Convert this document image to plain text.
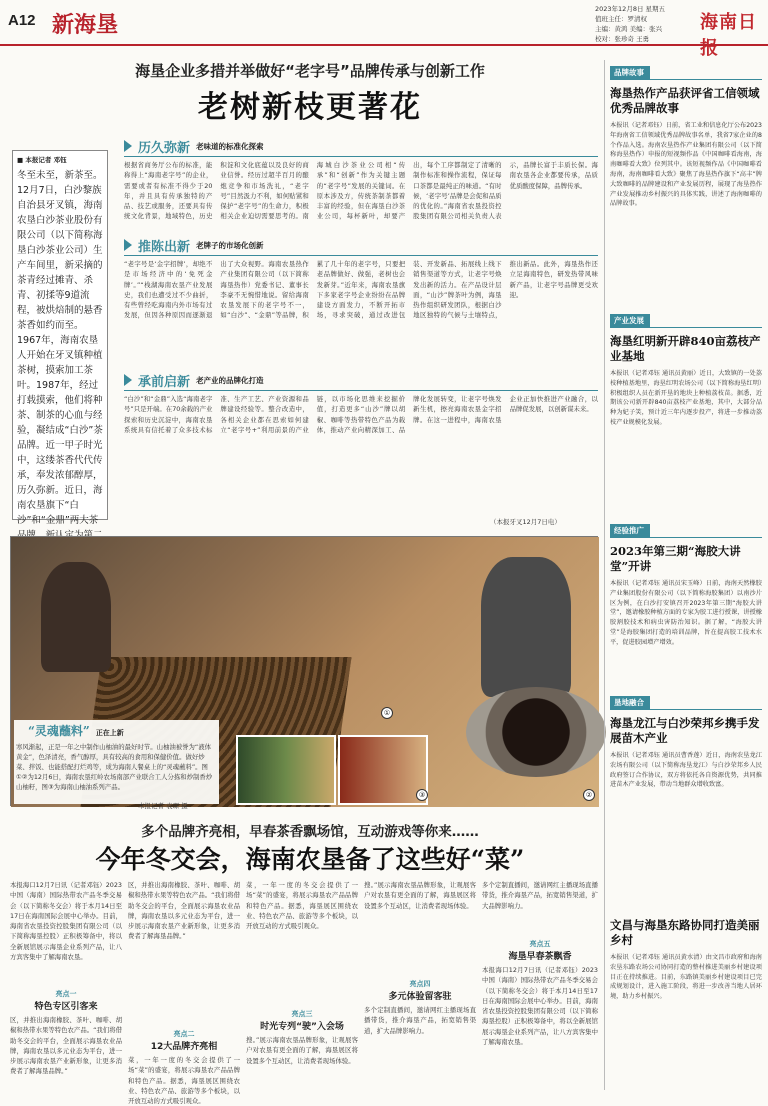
A12 新海垦
2023年12月8日 星期五
值班主任：罗清权
主编：黄鸿 美编：张兴
校对：张珍奇 王勇
海南日报
海垦企业多措并举做好“老字号”品牌传承与创新工作
老树新枝更著花
■ 本报记者 邓钰
冬至未至，新茶至。12月7日，白沙黎族自治县牙叉镇，海南农垦白沙茶业股份有限公司（以下简称海垦白沙茶业公司）生产车间里，新采摘的茶青经过摊青、杀青、初揉等9道流程，被烘焙制的悬香茶香如约而至。1967年，海南农垦人开始在牙叉镇种植茶树，摸索加工茶叶。1987年，经过打载摸索，他们将种茶、制茶的心血与经验，凝结成“白沙”茶品牌。近一甲子时光中，这缕茶香代代传承，奉发浓郁醇厚，历久弥新。近日，海南农垦旗下“白沙”和“金鼎”两大茶
历久弥新 老味道的标准化探索
根据省商务厅公布的标准，能称得上“海南老字号”的企业，需要或者有标准不得少于20年，并且具有传承独特的产品、技艺或服务，还要具有传统文化背景，地域特色，历史积淀和文化底蕴以及良好的商业信誉。经历过超半百月的酿炮竞争和市场洗礼，“老字号”目然汲力不利，如何贴紧和保护“老字号”的生命力，积极相关企业迫切需要思考的。南海城白沙茶业公司相“传承”和“创新”作为关键主题的“老字号”发展的关键词。在原本涉及方，传统茶制茶都着丰富的经验，但在海垦白沙茶业公司，每杯新叶，却要产出，每个工序都制定了清晰的制作标准和操作流程，保证每口茶都是最纯正的味道。“有时候，‘老字号’品牌是会促和品质的优化的。”海南省农垦投资控股集团有限公司相关负责人表示，品牌长富于丰质长保。海南农垦各企业都要传承，品质优质酸度保障，品牌传承。
推陈出新 老牌子的市场化创新
“老字号是‘金字招牌’，却绝不是市场经济中的‘免死金牌’。”“栈湖海南农垦产业发展史，我们也遭受过不少曲折，有些曾经吃海南内外市场有过发展，但因各种原因而逐渐退出了大众视野。海南农垦热作产业集团有限公司（以下简称海垦热作）党委书记、董事长李豪不无惋惜地说。留给海南农垦发展下的老字号不一，如“白沙”、“金鼎”等品牌，积累了几十年的老字号，只要把老品牌做好、做强，老树也会发新芽。”近年来，海南农垦旗下多家老字号企业纷纷在品牌建设方面发力，不断开拓市场，寻求突破，通过改进包装、开发新品、拓展线上线下销售渠道等方式，让老字号焕发出新的活力。在产品设计层面，“山沙”牌茶叶为例，海垦热作组织研发团队，根据白沙地区独特的气候与土壤特点，推出新品。此外，海垦热作还立足海南特色，研发热带风味新产品，让老字号品牌更受欢迎。
承前启新 老产业的品牌化打造
“白沙”和“金鼎”入选“海南老字号”只是开端。在70余载的产业探索和历史沉淀中，海南农垦系统具有信托着了众多技术标准、生产工艺、产业资源和品牌建设经验等。整合改造中，各相关企业都在思索如何建立“老字号+”利用前景的产业链，以市场化思维来挖掘价值，打造更多“山沙”牌以胡椒、咖啡等热带特色产品为载体，推动产业向精深加工、品牌化发展转变，让老字号焕发新生机，擦亮海南农垦金字招牌。在这一进程中，海南农垦企业正加快推进产业融合，以品牌促发展，以创新谋未来。
（本报牙叉12月7日电）
①
②
③
“灵魂蘸料” 正在上新
寒风渐起，正是一年之中制作山柚油的最好时节。山柚油被誉为“液体黄金”，色泽清亮，香气醇厚，具有较高的食用和保健价值。做好炒菜、拌饭、也能搭配打烂鸡等，成为海南人餐桌上的“灵魂蘸料”。图①②为12月6日，海南农垦红岭农场南部产业联合工人分拣和炒制香炒山柚籽，图③为海南山柚油系列产品。
本报记者 袁琛 摄
多个品牌齐亮相，早春茶香飘场馆，互动游戏等你来……
今年冬交会，海南农垦备了这些好“菜”
本报海口12月7日讯（记者邓钰）2023中国（海南）国际热带农产品冬季交易会（以下简称冬交会）将于本月14日至17日在海南国际会展中心举办。目前，海南省农垦投资控股集团有限公司（以下简称海垦控股）正积极筹备中，将以全新展馆展示海垦企业系列产品，让八方宾客集中了解海南农垦。
亮点一
特色专区引客来
区，并推出海南橡胶、茶叶、咖啡、胡椒和热带水果等特色农产品。“我们将借助冬交会的平台，全面展示海垦农业品牌，海南农垦以多元业态为平台，进一步展示海南农垦产业新形象，让更多消费者了解海垦品牌。”
区，并推出海南橡胶、茶叶、咖啡、胡椒和热带水果等特色农产品。“我们将借助冬交会的平台，全面展示海垦农业品牌，海南农垦以多元业态为平台，进一步展示海南农垦产业新形象，让更多消费者了解海垦品牌。”
亮点二
12大品牌齐亮相
菜，一年一度的冬交会提供了一场“菜”的盛宴，将展示海垦农产品品牌和特色产品。据悉，海垦展区围绕农业、特色农产品、旅游等多个板块，以开放互动的方式吸引观众。
菜，一年一度的冬交会提供了一场“菜”的盛宴，将展示海垦农产品品牌和特色产品。据悉，海垦展区围绕农业、特色农产品、旅游等多个板块，以开放互动的方式吸引观众。
亮点三
时光专列“驶”入会场
搜。”展示海南农垦品牌形象，让观展客户对农垦有更全面的了解，海垦展区将设置多个互动区，让消费者现场体验。
搜。”展示海南农垦品牌形象，让观展客户对农垦有更全面的了解，海垦展区将设置多个互动区，让消费者现场体验。
亮点四
多元体验留客驻
多个定制直播间，邀请网红主播现场直播带货，推介海垦产品，拓宽销售渠道，扩大品牌影响力。
多个定制直播间，邀请网红主播现场直播带货，推介海垦产品，拓宽销售渠道，扩大品牌影响力。
亮点五
海垦早春茶飘香
本报海口12月7日讯（记者邓钰）2023中国（海南）国际热带农产品冬季交易会（以下简称冬交会）将于本月14日至17日在海南国际会展中心举办。目前，海南省农垦投资控股集团有限公司（以下简称海垦控股）正积极筹备中，将以全新展馆展示海垦企业系列产品，让八方宾客集中了解海南农垦。
品牌故事
海垦热作产品获评省工信领域优秀品牌故事
本报讯（记者邓钰）日前，省工业和信息化厅公布2023年海南省工信领域优秀品牌故事名单，我省7家企业的8个作品入选。海南农垦热作产业集团有限公司（以下简称海垦热作）申报的短视频作品《中国咖啡看海南，海南咖啡看大致》位列其中。该短视频作品《中国咖啡看海南，海南咖啡看大致》聚焦了海垦热作旗下“高丰”牌大致咖啡的品牌建设和产业发展历程，展现了海垦热作产业发展推动乡村振兴的具体实践，讲述了海南咖啡的品牌故事。
产业发展
海垦红明新开辟840亩荔枝产业基地
本报讯（记者邓钰 通讯员黄丽）近日，大致镇的一处荔枝种植基地里，海垦红明农场公司（以下简称海垦红明）积极组织人员在新开垦的地块上种植荔枝苗。据悉，近期该公司新开辟840亩荔枝产业基地，其中，大部分品种为妃子笑，预计近三年内逐步投产，将进一步推动荔枝产业规模化发展。
经验推广
2023年第三期“海胶大讲堂”开讲
本报讯（记者邓钰 通讯员宋玉峰）日前，海南天然橡胶产业集团股份有限公司（以下简称海胶集团）以南沙片区为例，在白沙打安镇召开2023年第三期“海胶大讲堂”，邀请橡胶种植方面的专家为胶工进行授课，讲授橡胶割胶技术和病虫害防治知识。据了解，“海胶大讲堂”是海胶集团打造的培训品牌，旨在提高胶工技术水平，促进胶园增产增效。
垦地融合
海垦龙江与白沙荣邦乡携手发展苗木产业
本报讯（记者邓钰 通讯员曹香莲）近日，海南农垦龙江农场有限公司（以下简称海垦龙江）与白沙荣邦乡人民政府签订合作协议，双方将依托各自资源优势，共同推进苗木产业发展，带动当地群众增收致富。
文昌与海垦东路协同打造美丽乡村
本报讯（记者邓钰 通讯员黄水清）由文昌市政府和海南农垦东路农场公司协同打造的整村推进美丽乡村建设项目正在持续推进。目前，东路镇美丽乡村建设项目已完成规划设计，进入施工阶段，将进一步改善当地人居环境，助力乡村振兴。
